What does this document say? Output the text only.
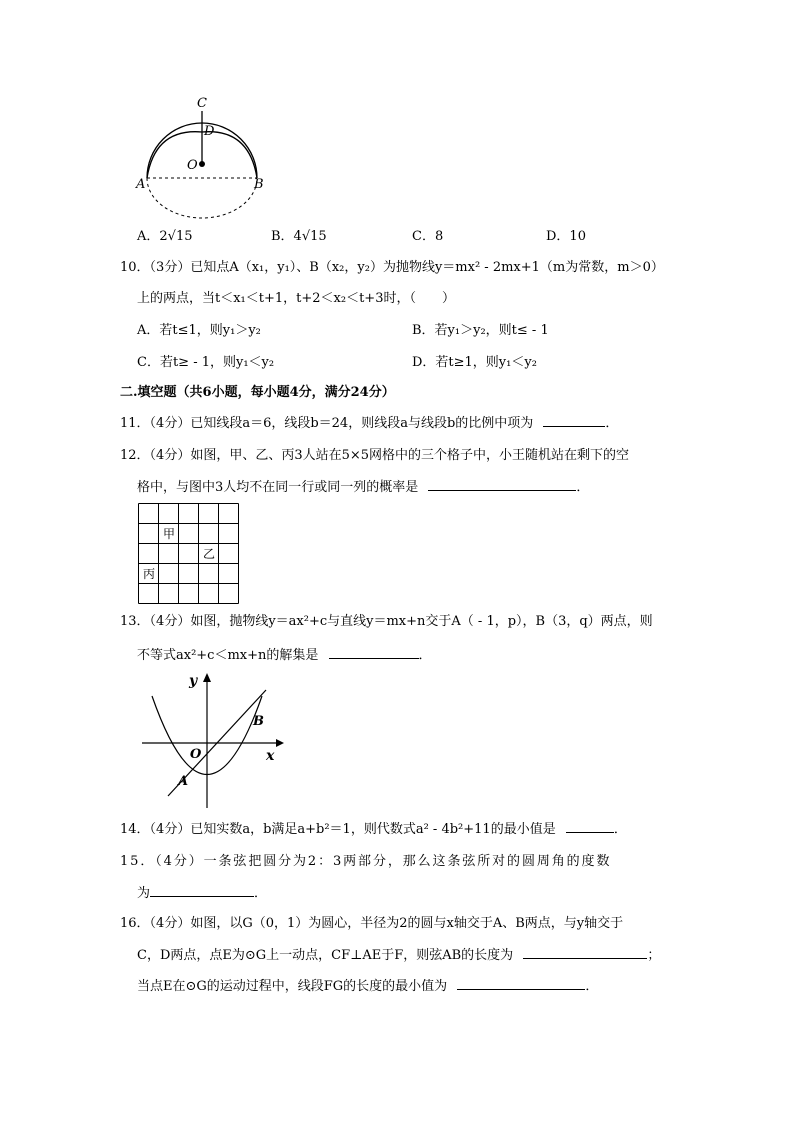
C
D
O
A	B
A．2√15	B．4√15	C．8	D．10
10．（3分）已知点A（x₁，y₁）、B（x₂，y₂）为抛物线y＝mx² - 2mx+1（m为常数，m＞0）
上的两点，当t＜x₁＜t+1，t+2＜x₂＜t+3时，（　　）
A．若t≤1，则y₁＞y₂	B．若y₁＞y₂，则t≤ - 1
C．若t≥ - 1，则y₁＜y₂	D．若t≥1，则y₁＜y₂
二.填空题（共6小题，每小题4分，满分24分）
11．（4分）已知线段a＝6，线段b＝24，则线段a与线段b的比例中项为	．
12．（4分）如图，甲、乙、丙3人站在5×5网格中的三个格子中，小王随机站在剩下的空
格中，与图中3人均不在同一行或同一列的概率是	．
甲
乙
丙
13．（4分）如图，抛物线y＝ax²+c与直线y＝mx+n交于A（ - 1，p），B（3，q）两点，则
不等式ax²+c＜mx+n的解集是	．
y
x
O
A
B
14．（4分）已知实数a，b满足a+b²＝1，则代数式a² - 4b²+11的最小值是	．
15．（4分）一条弦把圆分为2：3两部分，那么这条弦所对的圆周角的度数
为	．
16．（4分）如图，以G（0，1）为圆心，半径为2的圆与x轴交于A、B两点，与y轴交于
C，D两点，点E为⊙G上一动点，CF⊥AE于F，则弦AB的长度为	；
当点E在⊙G的运动过程中，线段FG的长度的最小值为	．
